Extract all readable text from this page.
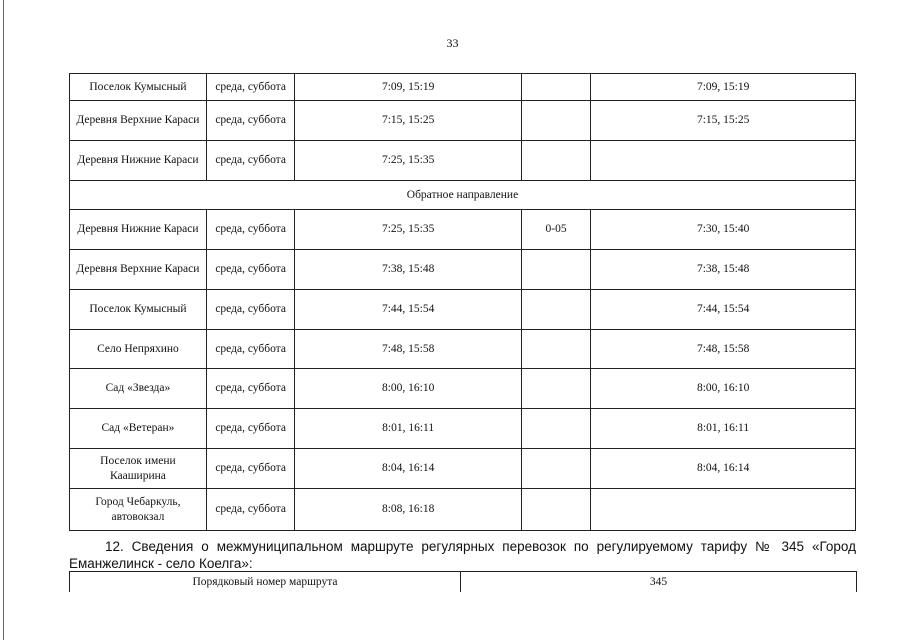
33
Поселок Кумысный	среда, суббота	7:09, 15:19		7:09, 15:19
Деревня Верхние Караси	среда, суббота	7:15, 15:25		7:15, 15:25
Деревня Нижние Караси	среда, суббота	7:25, 15:35		
Обратное направление				
Деревня Нижние Караси	среда, суббота	7:25, 15:35	0-05	7:30, 15:40
Деревня Верхние Караси	среда, суббота	7:38, 15:48		7:38, 15:48
Поселок Кумысный	среда, суббота	7:44, 15:54		7:44, 15:54
Село Непряхино	среда, суббота	7:48, 15:58		7:48, 15:58
Сад «Звезда»	среда, суббота	8:00, 16:10		8:00, 16:10
Сад «Ветеран»	среда, суббота	8:01, 16:11		8:01, 16:11
Поселок имени Кааширина	среда, суббота	8:04, 16:14		8:04, 16:14
Город Чебаркуль, автовокзал	среда, суббота	8:08, 16:18		
12. Сведения о межмуниципальном маршруте регулярных перевозок по регулируемому тарифу № 345 «Город Еманжелинск - село Коелга»:
Порядковый номер маршрута	345
